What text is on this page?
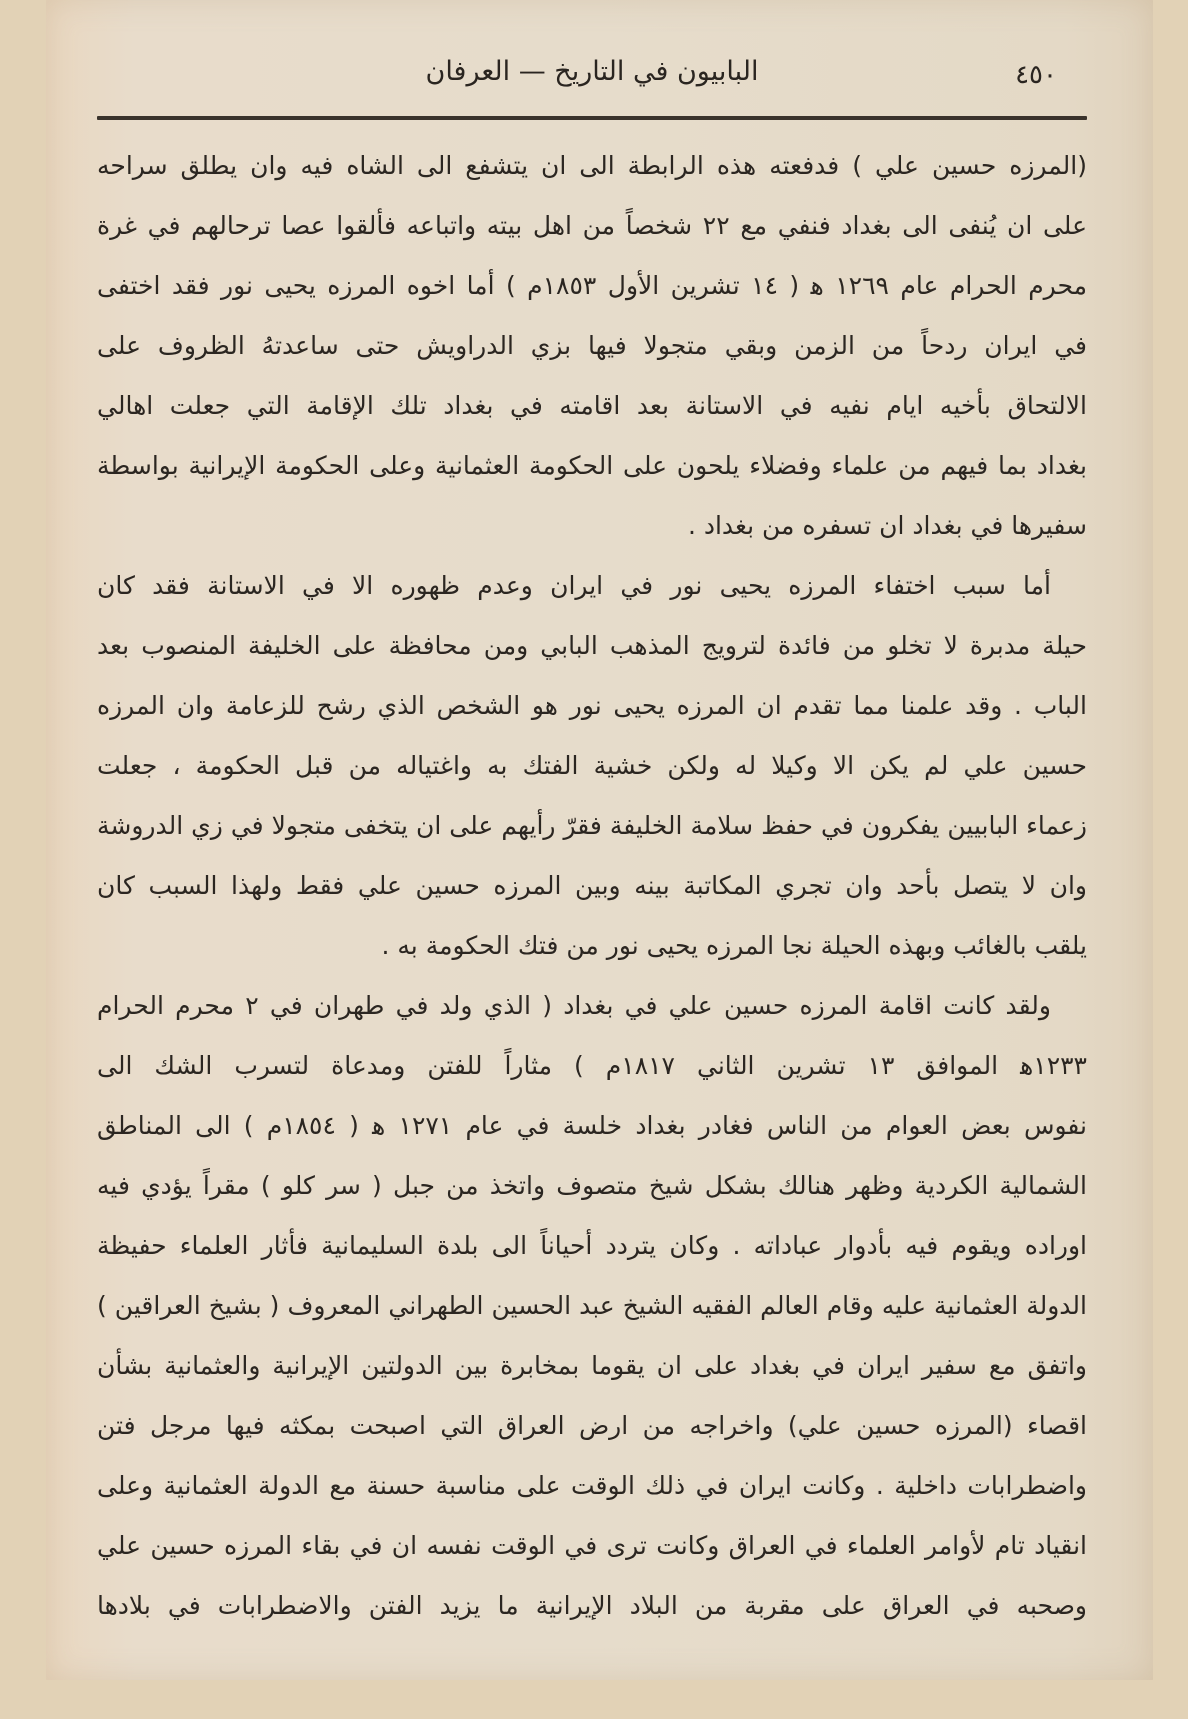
البابيون في التاريخ — العرفان	٤٥٠
(المرزه حسين علي ) فدفعته هذه الرابطة الى ان يتشفع الى الشاه فيه وان يطلق سراحه
على ان يُنفى الى بغداد فنفي مع ٢٢ شخصاً من اهل بيته واتباعه فألقوا عصا ترحالهم في غرة
محرم الحرام عام ١٢٦٩ ﻫ ( ١٤ تشرين الأول ١٨٥٣م ) أما اخوه المرزه يحيى نور فقد اختفى
في ايران ردحاً من الزمن وبقي متجولا فيها بزي الدراويش حتى ساعدتهُ الظروف على
الالتحاق بأخيه ايام نفيه في الاستانة بعد اقامته في بغداد تلك الإقامة التي جعلت اهالي
بغداد بما فيهم من علماء وفضلاء يلحون على الحكومة العثمانية وعلى الحكومة الإيرانية بواسطة
سفيرها في بغداد ان تسفره من بغداد .
أما سبب اختفاء المرزه يحيى نور في ايران وعدم ظهوره الا في الاستانة فقد كان
حيلة مدبرة لا تخلو من فائدة لترويج المذهب البابي ومن محافظة على الخليفة المنصوب بعد
الباب . وقد علمنا مما تقدم ان المرزه يحيى نور هو الشخص الذي رشح للزعامة وان المرزه
حسين علي لم يكن الا وكيلا له ولكن خشية الفتك به واغتياله من قبل الحكومة ، جعلت
زعماء البابيين يفكرون في حفظ سلامة الخليفة فقرّ رأيهم على ان يتخفى متجولا في زي الدروشة
وان لا يتصل بأحد وان تجري المكاتبة بينه وبين المرزه حسين علي فقط ولهذا السبب كان
يلقب بالغائب وبهذه الحيلة نجا المرزه يحيى نور من فتك الحكومة به .
ولقد كانت اقامة المرزه حسين علي في بغداد ( الذي ولد في طهران في ٢ محرم الحرام
١٢٣٣ﻫ الموافق ١٣ تشرين الثاني ١٨١٧م ) مثاراً للفتن ومدعاة لتسرب الشك الى
نفوس بعض العوام من الناس فغادر بغداد خلسة في عام ١٢٧١ ﻫ ( ١٨٥٤م ) الى المناطق
الشمالية الكردية وظهر هنالك بشكل شيخ متصوف واتخذ من جبل ( سر كلو ) مقراً يؤدي فيه
اوراده ويقوم فيه بأدوار عباداته . وكان يتردد أحياناً الى بلدة السليمانية فأثار العلماء حفيظة
الدولة العثمانية عليه وقام العالم الفقيه الشيخ عبد الحسين الطهراني المعروف ( بشيخ العراقين )
واتفق مع سفير ايران في بغداد على ان يقوما بمخابرة بين الدولتين الإيرانية والعثمانية بشأن
اقصاء (المرزه حسين علي) واخراجه من ارض العراق التي اصبحت بمكثه فيها مرجل فتن
واضطرابات داخلية . وكانت ايران في ذلك الوقت على مناسبة حسنة مع الدولة العثمانية وعلى
انقياد تام لأوامر العلماء في العراق وكانت ترى في الوقت نفسه ان في بقاء المرزه حسين علي
وصحبه في العراق على مقربة من البلاد الإيرانية ما يزيد الفتن والاضطرابات في بلادها
